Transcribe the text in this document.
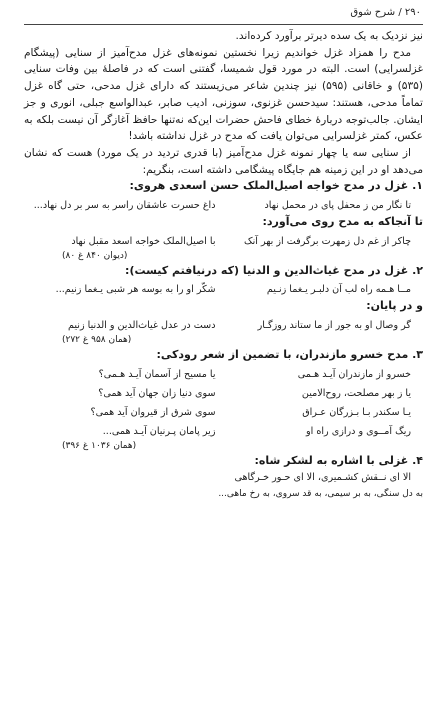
۲۹۰ / شرح شوق

نیز نزدیک به یک سده دیرتر برآورد کرده‌اند.

مدح را همزاد غزل خواندیم زیرا نخستین نمونه‌های غزل مدح‌آمیز از سنایی (پیشگام غزلسرایی) است. البته در مورد قول شمیسا، گفتنی است که در فاصلهٔ بین وفات سنایی (۵۳۵) و خاقانی (۵۹۵) نیز چندین شاعر می‌زیستند که دارای غزل مدحی، حتی گاه غزل تماماً مدحی، هستند: سیدحسن غزنوی، سوزنی، ادیب صابر، عبدالواسع جبلی، انوری و جز ایشان. جالب‌توجه دربارهٔ خطای فاحش حضرات این‌که نه‌تنها حافظ آغازگر آن نیست بلکه به عکس، کمتر غزلسرایی می‌توان یافت که مدح در غزل نداشته باشد!

از سنایی سه یا چهار نمونه غزل مدح‌آمیز (با قدری تردید در یک مورد) هست که نشان می‌دهد او در این زمینه هم جایگاه پیشگامی داشته است، بنگریم:

۱. غزل در مدح خواجه اصیل‌الملک حسن اسعدی هروی:

تا نگار من ز محفل پای در محمل نهاد
داغ حسرت عاشقان راسر به سر بر دل نهاد...

تا آنجاکه به مدح روی می‌آورد:

چاکر از غم دل زمهرت برگرفت از بهر آنک
با اصیل‌الملک خواجه اسعد مقبل نهاد
(دیوان ۸۴۰ غ ۸۰)

۲. غزل در مدح غیاث‌الدین و الدنیا (که درنیافتم کیست):

مــا هـمه راه لب آن دلبـر یـغما زنـیم
شکّر او را به بوسه هر شبی یـغما زنیم...

و در پایان:

گر وصال او به جور از ما ستاند روزگـار
دست در عدل غیاث‌الدین و الدنیا زنیم
(همان ۹۵۸ غ ۲۷۲)

۳. مدح خسرو مازندران، با تضمین از شعر رودکی:

خسرو از مازندران آیـد هـمی
یا مسیح از آسمان آیـد هـمی؟
یا ز بهر مصلحت، روح‌الامین
سوی دنیا زان جهان آید همی؟
یـا سکندر بـا بـزرگان عـراق
سوی شرق از قیروان آید همی؟
ریگ آمــوی و درازی راه او
زیر پامان پـرنیان آیـد همی...
(همان ۱۰۳۶ غ ۳۹۶)

۴. غزلی با اشاره به لشکر شاه:

الا ای نــقش کشـمیری، الا ای حـور خـرگاهی

به دل سنگی، به بر سیمی، به قد سروی، به رخ ماهی...
